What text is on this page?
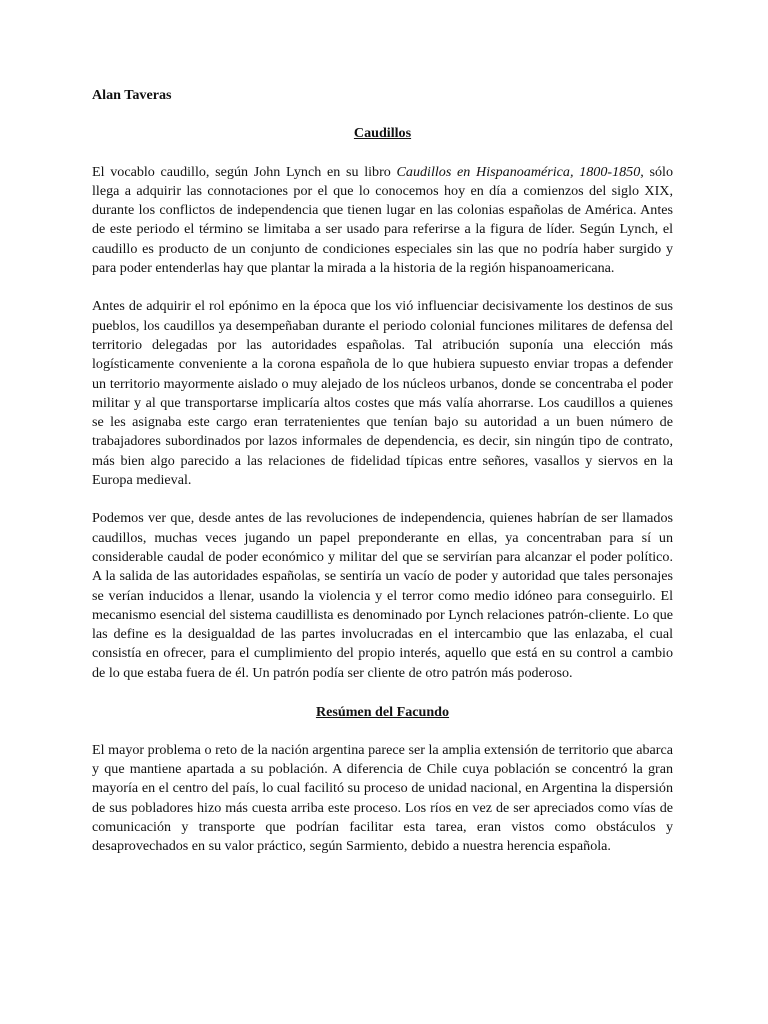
Alan Taveras

Caudillos

El vocablo caudillo, según John Lynch en su libro Caudillos en Hispanoamérica, 1800-1850, sólo llega a adquirir las connotaciones por el que lo conocemos hoy en día a comienzos del siglo XIX, durante los conflictos de independencia que tienen lugar en las colonias españolas de América. Antes de este periodo el término se limitaba a ser usado para referirse a la figura de líder. Según Lynch, el caudillo es producto de un conjunto de condiciones especiales sin las que no podría haber surgido y para poder entenderlas hay que plantar la mirada a la historia de la región hispanoamericana.

Antes de adquirir el rol epónimo en la época que los vió influenciar decisivamente los destinos de sus pueblos, los caudillos ya desempeñaban durante el periodo colonial funciones militares de defensa del territorio delegadas por las autoridades españolas. Tal atribución suponía una elección más logísticamente conveniente a la corona española de lo que hubiera supuesto enviar tropas a defender un territorio mayormente aislado o muy alejado de los núcleos urbanos, donde se concentraba el poder militar y al que transportarse implicaría altos costes que más valía ahorrarse. Los caudillos a quienes se les asignaba este cargo eran terratenientes que tenían bajo su autoridad a un buen número de trabajadores subordinados por lazos informales de dependencia, es decir, sin ningún tipo de contrato, más bien algo parecido a las relaciones de fidelidad típicas entre señores, vasallos y siervos en la Europa medieval.

Podemos ver que, desde antes de las revoluciones de independencia, quienes habrían de ser llamados caudillos, muchas veces jugando un papel preponderante en ellas, ya concentraban para sí un considerable caudal de poder económico y militar del que se servirían para alcanzar el poder político. A la salida de las autoridades españolas, se sentiría un vacío de poder y autoridad que tales personajes se verían inducidos a llenar, usando la violencia y el terror como medio idóneo para conseguirlo. El mecanismo esencial del sistema caudillista es denominado por Lynch relaciones patrón-cliente. Lo que las define es la desigualdad de las partes involucradas en el intercambio que las enlazaba, el cual consistía en ofrecer, para el cumplimiento del propio interés, aquello que está en su control a cambio de lo que estaba fuera de él. Un patrón podía ser cliente de otro patrón más poderoso.

Resúmen del Facundo

El mayor problema o reto de la nación argentina parece ser la amplia extensión de territorio que abarca y que mantiene apartada a su población. A diferencia de Chile cuya población se concentró la gran mayoría en el centro del país, lo cual facilitó su proceso de unidad nacional, en Argentina la dispersión de sus pobladores hizo más cuesta arriba este proceso. Los ríos en vez de ser apreciados como vías de comunicación y transporte que podrían facilitar esta tarea, eran vistos como obstáculos y desaprovechados en su valor práctico, según Sarmiento, debido a nuestra herencia española.
